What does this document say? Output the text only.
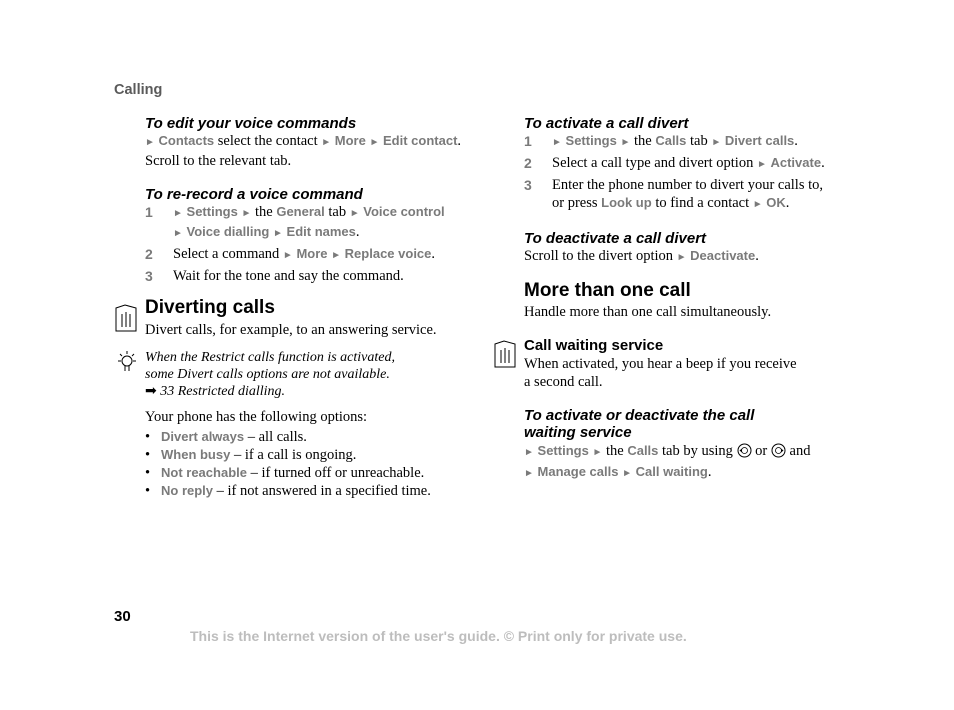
Calling
To edit your voice commands
► Contacts select the contact ► More ► Edit contact.
Scroll to the relevant tab.
To re-record a voice command
1 ► Settings ► the General tab ► Voice control
► Voice dialling ► Edit names.
2 Select a command ► More ► Replace voice.
3 Wait for the tone and say the command.
Diverting calls
Divert calls, for example, to an answering service.
When the Restrict calls function is activated,
some Divert calls options are not available.
➡ 33 Restricted dialling.
Your phone has the following options:
• Divert always – all calls.
• When busy – if a call is ongoing.
• Not reachable – if turned off or unreachable.
• No reply – if not answered in a specified time.
To activate a call divert
1 ► Settings ► the Calls tab ► Divert calls.
2 Select a call type and divert option ► Activate.
3 Enter the phone number to divert your calls to,
or press Look up to find a contact ► OK.
To deactivate a call divert
Scroll to the divert option ► Deactivate.
More than one call
Handle more than one call simultaneously.
Call waiting service
When activated, you hear a beep if you receive
a second call.
To activate or deactivate the call
waiting service
► Settings ► the Calls tab by using or and
► Manage calls ► Call waiting.
30
This is the Internet version of the user's guide. © Print only for private use.
